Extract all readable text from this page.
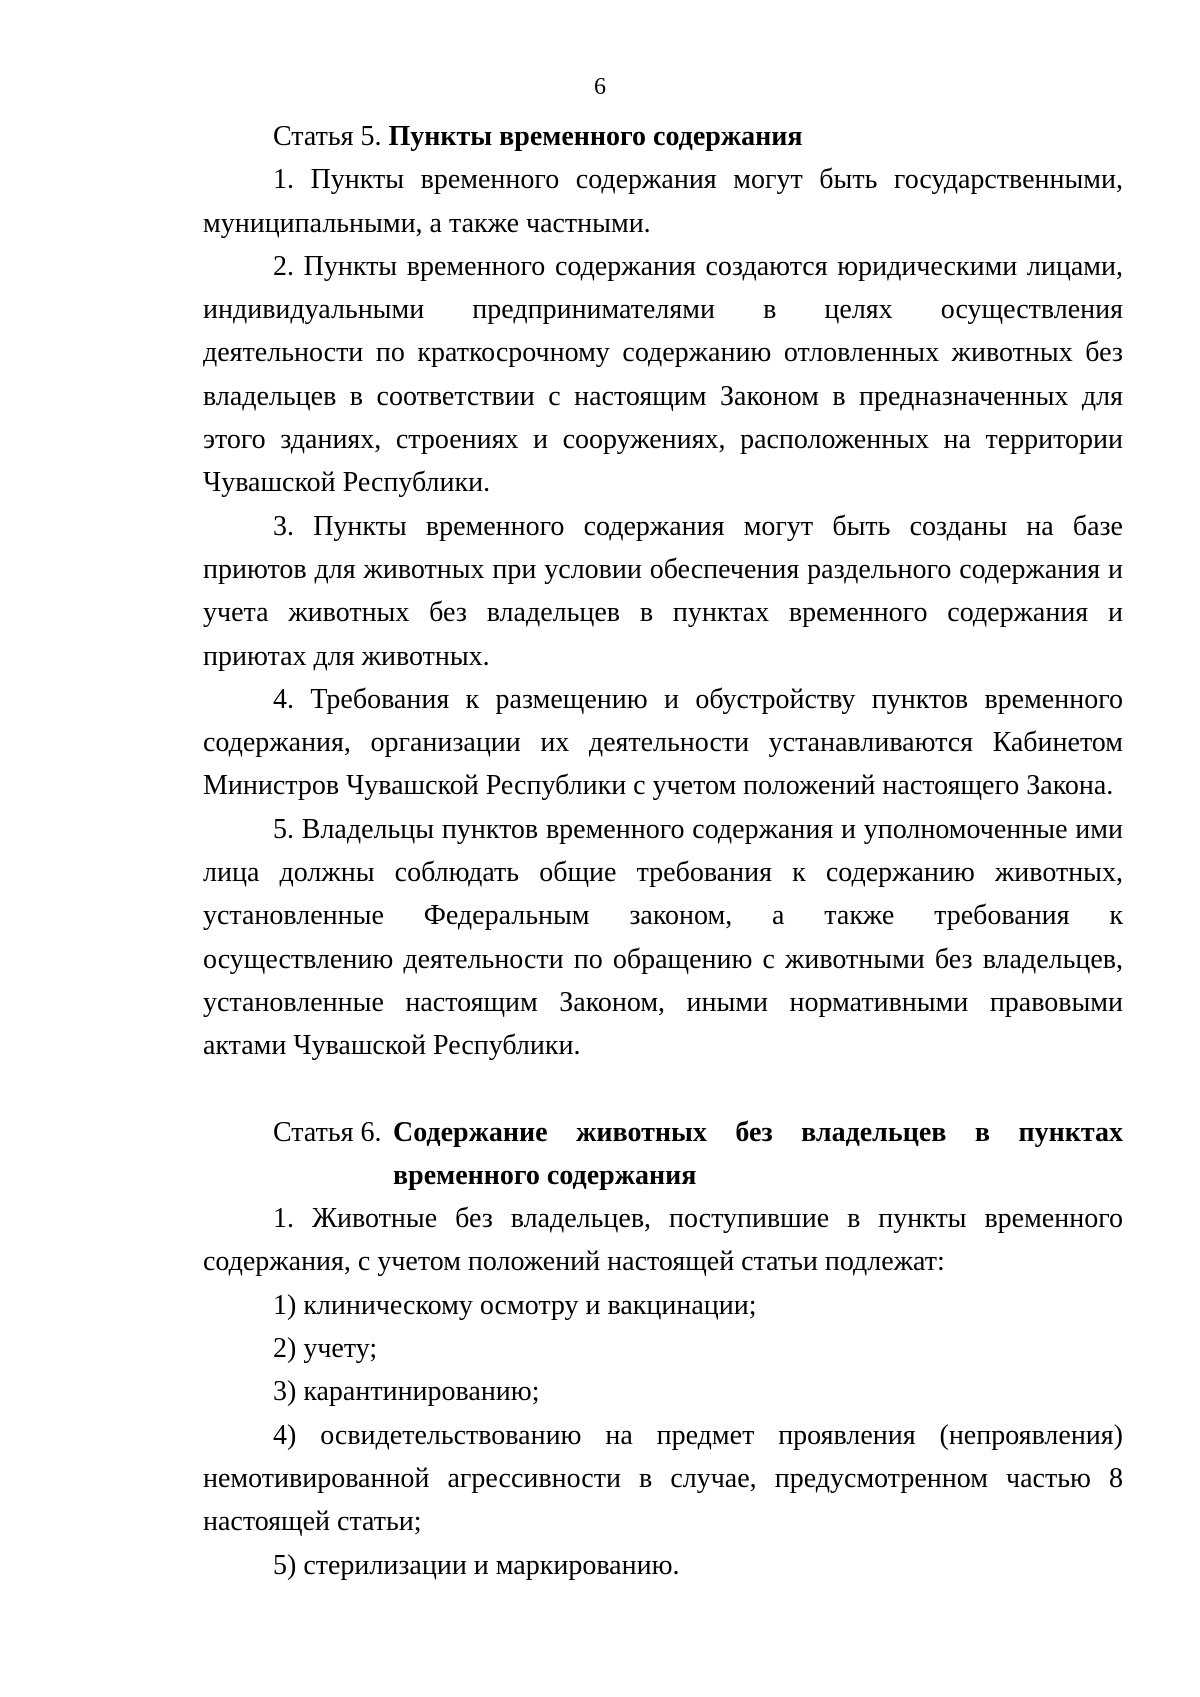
6
Статья 5. Пункты временного содержания

1. Пункты временного содержания могут быть государственными, муниципальными, а также частными.

2. Пункты временного содержания создаются юридическими лицами, индивидуальными предпринимателями в целях осуществления деятельности по краткосрочному содержанию отловленных животных без владельцев в соответствии с настоящим Законом в предназначенных для этого зданиях, строениях и сооружениях, расположенных на территории Чувашской Республики.

3. Пункты временного содержания могут быть созданы на базе приютов для животных при условии обеспечения раздельного содержания и учета животных без владельцев в пунктах временного содержания и приютах для животных.

4. Требования к размещению и обустройству пунктов временного содержания, организации их деятельности устанавливаются Кабинетом Министров Чувашской Республики с учетом положений настоящего Закона.

5. Владельцы пунктов временного содержания и уполномоченные ими лица должны соблюдать общие требования к содержанию животных, установленные Федеральным законом, а также требования к осуществлению деятельности по обращению с животными без владельцев, установленные настоящим Законом, иными нормативными правовыми актами Чувашской Республики.

Статья 6. Содержание животных без владельцев в пунктах временного содержания

1. Животные без владельцев, поступившие в пункты временного содержания, с учетом положений настоящей статьи подлежат:

1) клиническому осмотру и вакцинации;

2) учету;

3) карантинированию;

4) освидетельствованию на предмет проявления (непроявления) немотивированной агрессивности в случае, предусмотренном частью 8 настоящей статьи;

5) стерилизации и маркированию.
